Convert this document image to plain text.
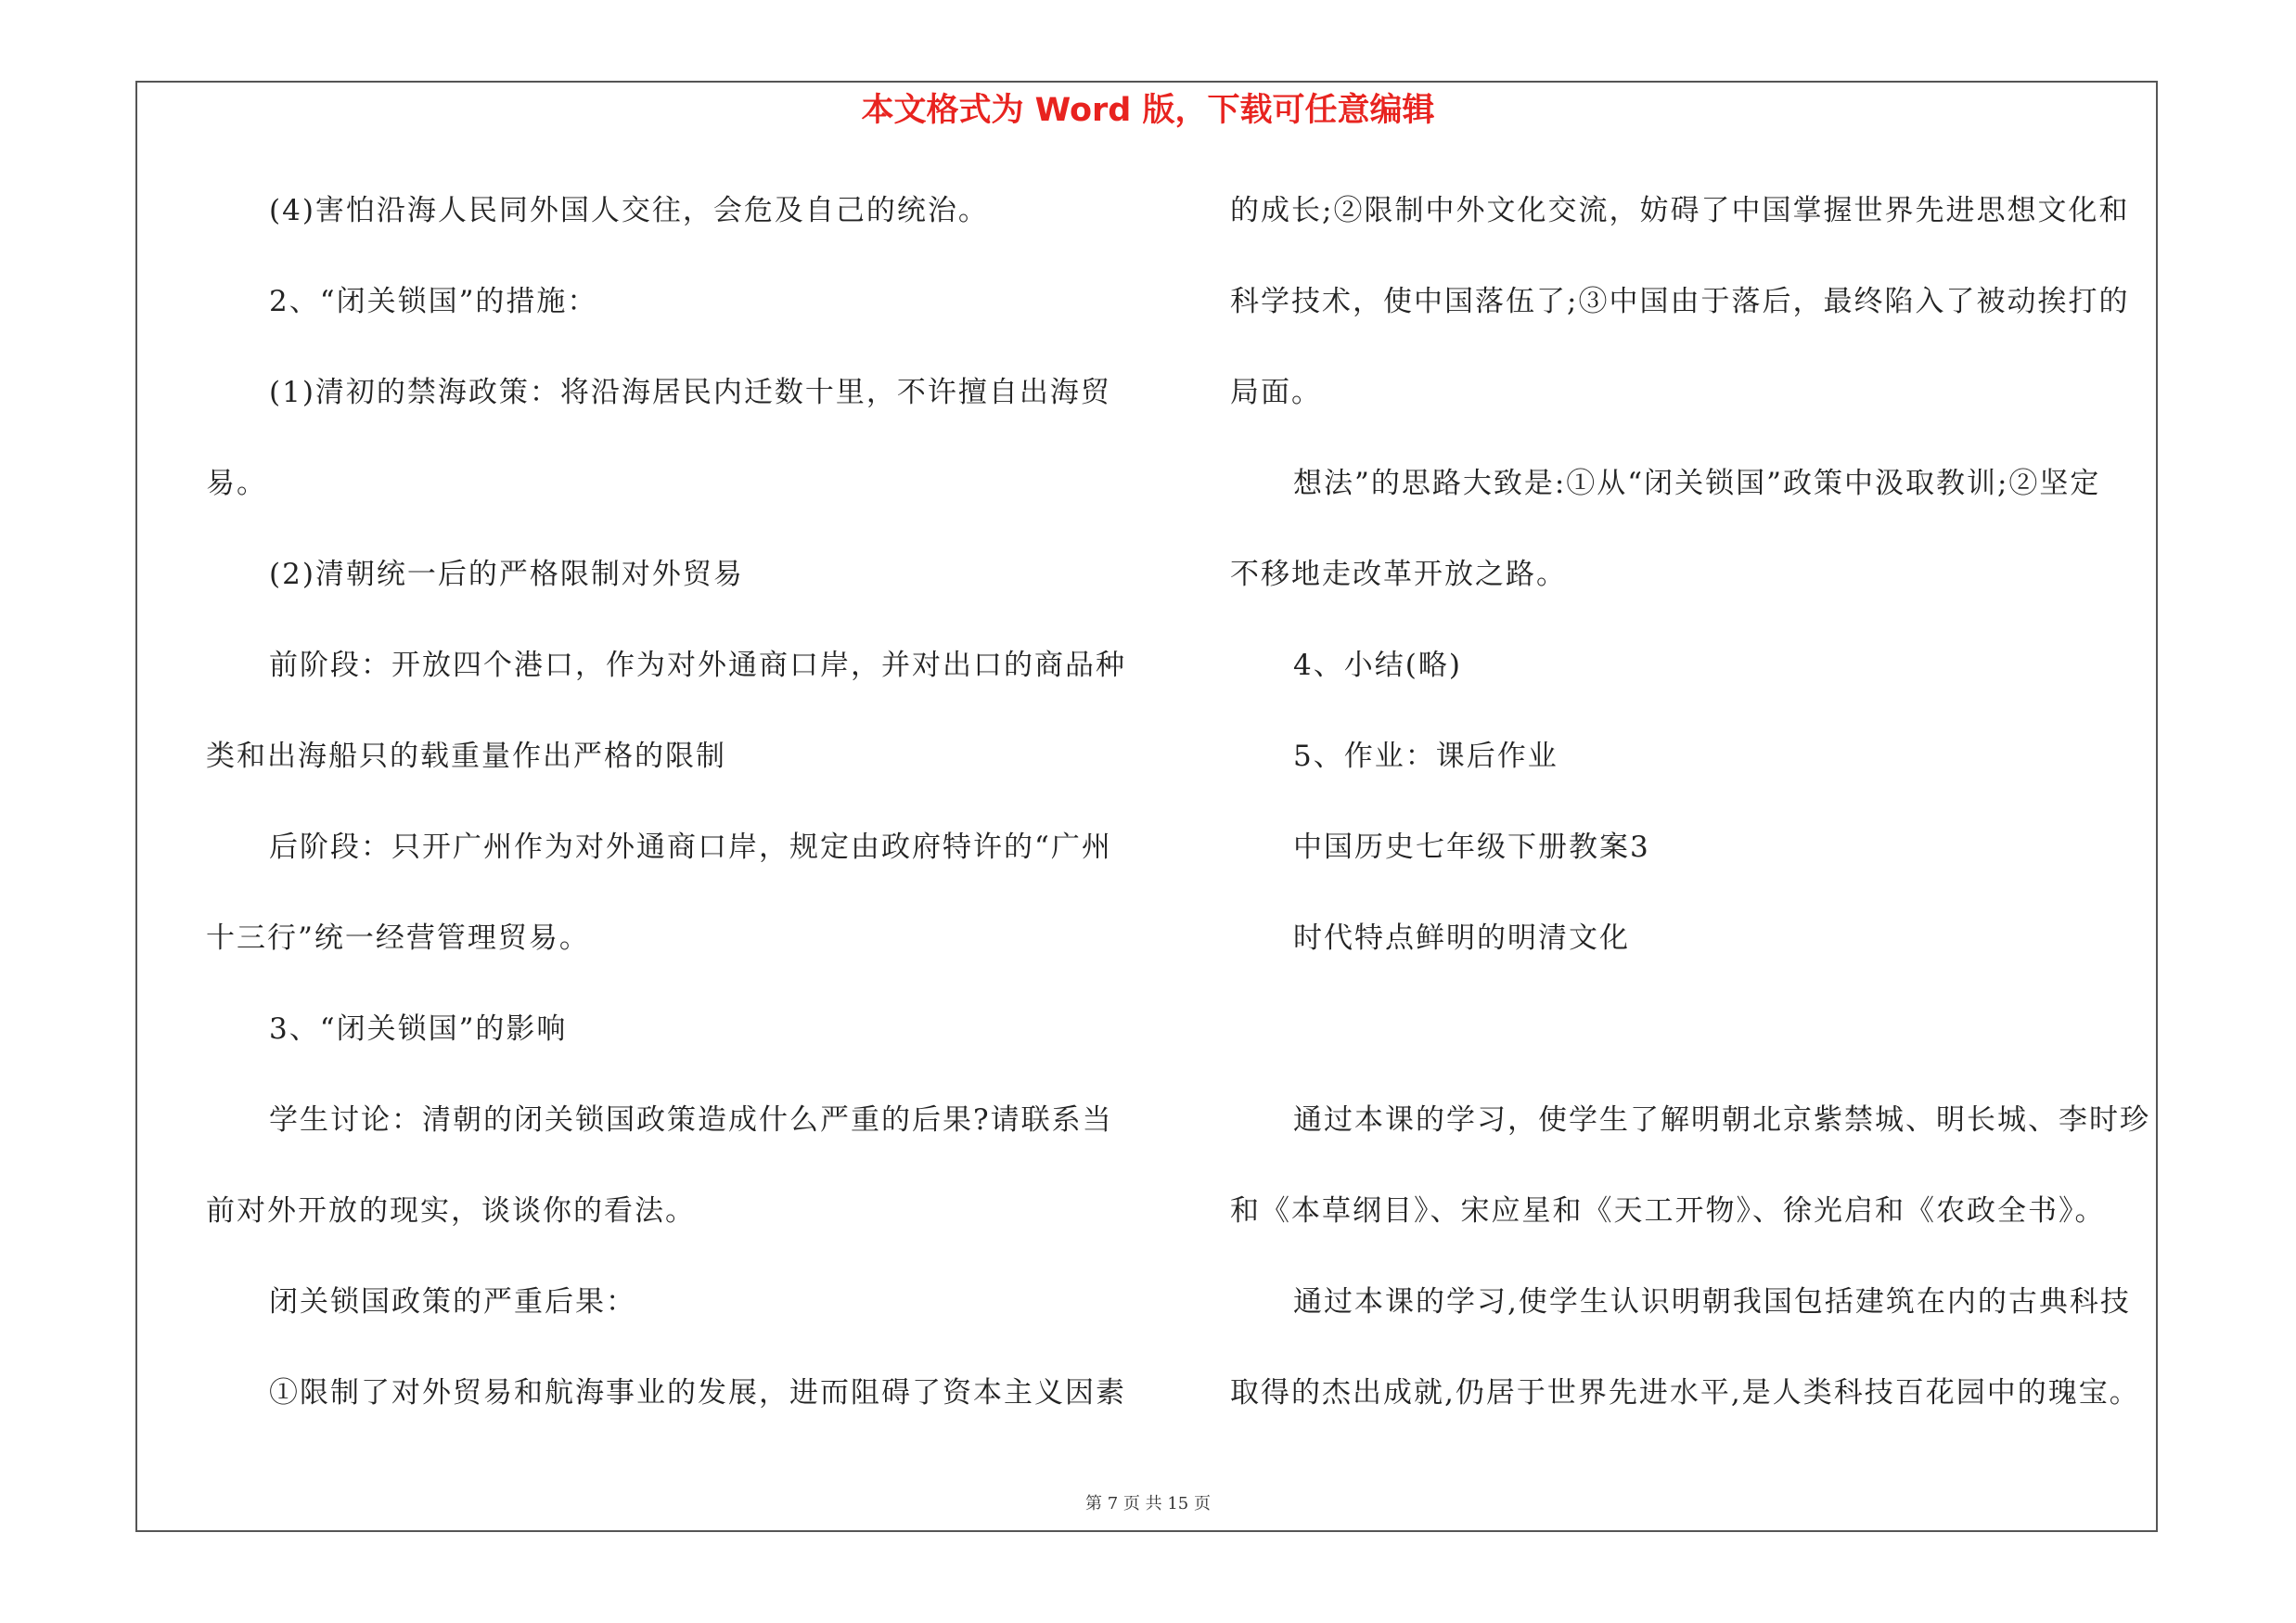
本文格式为 Word 版，下载可任意编辑
(4)害怕沿海人民同外国人交往，会危及自己的统治。
2、“闭关锁国”的措施：
(1)清初的禁海政策：将沿海居民内迁数十里，不许擅自出海贸
易。
(2)清朝统一后的严格限制对外贸易
前阶段：开放四个港口，作为对外通商口岸，并对出口的商品种
类和出海船只的载重量作出严格的限制
后阶段：只开广州作为对外通商口岸，规定由政府特许的“广州
十三行”统一经营管理贸易。
3、“闭关锁国”的影响
学生讨论：清朝的闭关锁国政策造成什么严重的后果?请联系当
前对外开放的现实，谈谈你的看法。
闭关锁国政策的严重后果：
①限制了对外贸易和航海事业的发展，进而阻碍了资本主义因素
的成长;②限制中外文化交流，妨碍了中国掌握世界先进思想文化和
科学技术，使中国落伍了;③中国由于落后，最终陷入了被动挨打的
局面。
想法”的思路大致是:①从“闭关锁国”政策中汲取教训;②坚定
不移地走改革开放之路。
4、小结(略)
5、作业：课后作业
中国历史七年级下册教案3
时代特点鲜明的明清文化
通过本课的学习，使学生了解明朝北京紫禁城、明长城、李时珍
和《本草纲目》、宋应星和《天工开物》、徐光启和《农政全书》。
通过本课的学习,使学生认识明朝我国包括建筑在内的古典科技
取得的杰出成就,仍居于世界先进水平,是人类科技百花园中的瑰宝。
第 7 页 共 15 页
